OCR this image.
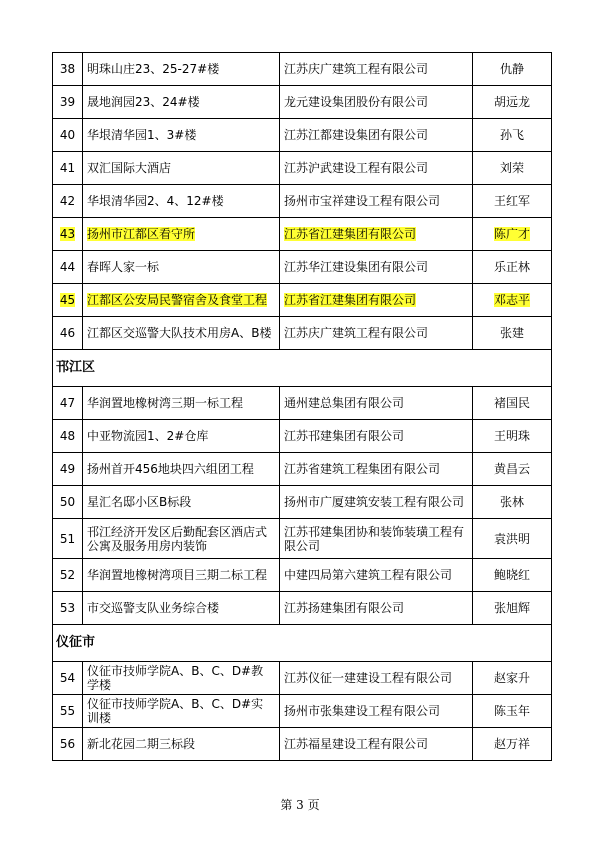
38	明珠山庄23、25-27#楼	江苏庆广建筑工程有限公司	仇静
39	晟地润园23、24#楼	龙元建设集团股份有限公司	胡远龙
40	华垠清华园1、3#楼	江苏江都建设集团有限公司	孙飞
41	双汇国际大酒店	江苏沪武建设工程有限公司	刘荣
42	华垠清华园2、4、12#楼	扬州市宝祥建设工程有限公司	王红军
43	扬州市江都区看守所	江苏省江建集团有限公司	陈广才
44	春晖人家一标	江苏华江建设集团有限公司	乐正林
45	江都区公安局民警宿舍及食堂工程	江苏省江建集团有限公司	邓志平
46	江都区交巡警大队技术用房A、B楼	江苏庆广建筑工程有限公司	张建
邗江区			
47	华润置地橡树湾三期一标工程	通州建总集团有限公司	褚国民
48	中亚物流园1、2#仓库	江苏邗建集团有限公司	王明珠
49	扬州首开456地块四六组团工程	江苏省建筑工程集团有限公司	黄昌云
50	星汇名邸小区B标段	扬州市广厦建筑安装工程有限公司	张林
51	邗江经济开发区后勤配套区酒店式公寓及服务用房内装饰	江苏邗建集团协和装饰装璜工程有限公司	袁洪明
52	华润置地橡树湾项目三期二标工程	中建四局第六建筑工程有限公司	鲍晓红
53	市交巡警支队业务综合楼	江苏扬建集团有限公司	张旭辉
仪征市			
54	仪征市技师学院A、B、C、D#教学楼	江苏仪征一建建设工程有限公司	赵家升
55	仪征市技师学院A、B、C、D#实训楼	扬州市张集建设工程有限公司	陈玉年
56	新北花园二期三标段	江苏福星建设工程有限公司	赵万祥
第 3 页
